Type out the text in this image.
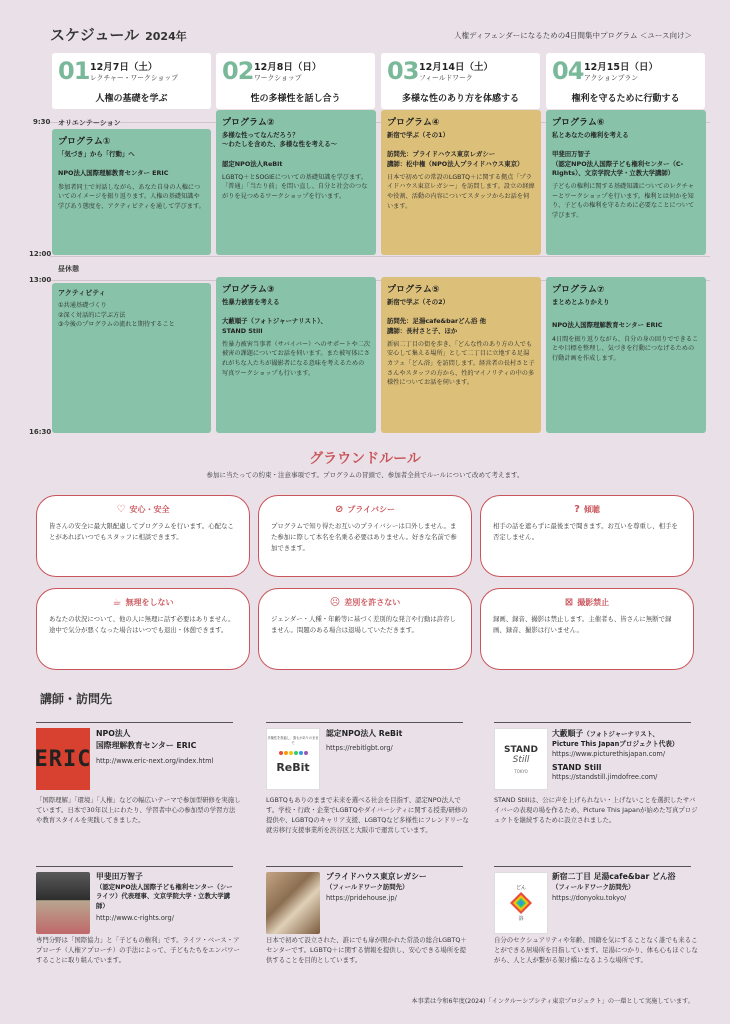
スケジュール 2024年	人権ディフェンダーになるための4日間集中プログラム ＜ユース向け＞
01 12月7日（土）
レクチャー・ワークショップ
人権の基礎を学ぶ
02 12月8日（日）
ワークショップ
性の多様性を話し合う
03 12月14日（土）
フィールドワーク
多様な性のあり方を体感する
04 12月15日（日）
アクションプラン
権利を守るために行動する
9:30 オリエンテーション
12:00
昼休憩
13:00
16:30
プログラム①
「気づき」から「行動」へ
NPO法人国際理解教育センター ERIC
参加者同士で対話しながら、あなた自身の人権についてのイメージを振り返ります。人権の基礎知識や学びあう態度を、アクティビティを通して学びます。
プログラム②
多様な性ってなんだろう？
〜わたしを含めた、多様な性を考える〜
認定NPO法人ReBit
LGBTQ＋とSOGIEについての基礎知識を学びます。「普通」「当たり前」を問い直し、自分と社会のつながりを見つめるワークショップを行います。
プログラム④
新宿で学ぶ（その1）
訪問先：プライドハウス東京レガシー
講師：松中権（NPO法人プライドハウス東京）
日本で初めての常設のLGBTQ＋に関する拠点「プライドハウス東京レガシー」を訪問します。設立の経緯や役割、活動の内容についてスタッフからお話を伺います。
プログラム⑥
私とあなたの権利を考える
甲斐田万智子
（認定NPO法人国際子ども権利センター（C-Rights）、文京学院大学・立教大学講師）
子どもの権利に関する基礎知識についてのレクチャーとワークショップを行います。権利とは何かを知り、子どもの権利を守るために必要なことについて学びます。
アクティビティ
①共通基礎づくり
②深く対話的に学ぶ方法
③今後のプログラムの流れと期待すること
プログラム③
性暴力被害を考える
大藪順子（フォトジャーナリスト）、
STAND Still
性暴力被害当事者（サバイバー）へのサポートや二次被害の課題についてお話を伺います。また被写体にされがちな人たちが撮影者になる意味を考えるための写真ワークショップも行います。
プログラム⑤
新宿で学ぶ（その2）
訪問先：足湯cafe&barどん浴 他
講師：長村さと子、ほか
新宿二丁目の街を歩き、「どんな性のあり方の人でも安心して集える場所」として二丁目に立地する足湯カフェ「どん浴」を訪問します。経営者の長村さと子さんやスタッフの方から、性的マイノリティの中の多様性についてお話を伺います。
プログラム⑦
まとめとふりかえり
NPO法人国際理解教育センター ERIC
4日間を振り返りながら、自分の身の回りでできることや目標を整理し、気づきを行動につなげるための行動計画を作成します。
グラウンドルール
参加に当たっての約束・注意事項です。プログラムの冒頭で、参加者全員でルールについて改めて考えます。
♡ 安心・安全
皆さんの安全に最大限配慮してプログラムを行います。心配なことがあればいつでもスタッフに相談できます。
⊘ プライバシー
プログラムで知り得たお互いのプライバシーは口外しません。また参加に際して本名を名乗る必要はありません。好きな名前で参加できます。
? 傾聴
相手の話を遮らずに最後まで聞きます。お互いを尊重し、相手を否定しません。
☕ 無理をしない
あなたの状況について、他の人に無理に話す必要はありません。途中で気分が悪くなった場合はいつでも退出・休憩できます。
☹ 差別を許さない
ジェンダー・人種・年齢等に基づく差別的な発言や行動は許容しません。問題のある場合は退場していただきます。
⊠ 撮影禁止
録画、録音、撮影は禁止します。主催者も、皆さんに無断で録画、録音、撮影は行いません。
講師・訪問先
ERIC
NPO法人
国際理解教育センター ERIC
http://www.eric-next.org/index.html
「国際理解」「環境」「人権」などの幅広いテーマで参加型研修を実施しています。日本で30年以上にわたり、学習者中心の参加型の学習方法や教育スタイルを実践してきました。
多様性を祝福し、誰もがありのままで
ReBit
認定NPO法人 ReBit
https://rebitlgbt.org/
LGBTQもありのままで未来を選べる社会を目指す、認定NPO法人です。学校・行政・企業でLGBTQやダイバーシティに関する授業/研修の提供や、LGBTQのキャリア支援、LGBTQなど多様性にフレンドリーな就労移行支援事業所を渋谷区と大阪市で運営しています。
STAND
Still
TOKYO
大藪順子（フォトジャーナリスト、
Picture This Japanプロジェクト代表）
https://www.picturethisjapan.com/
STAND Still
https://standstill.jimdofree.com/
STAND Stillは、公に声を上げられない・上げないことを選択したサバイバーの表現の場を作るため、Picture This Japanが始めた写真プロジェクトを継続するために設立されました。
甲斐田万智子
（認定NPO法人国際子ども権利センター（シーライツ）代表理事、文京学院大学・立教大学講師）
http://www.c-rights.org/
専門分野は「国際協力」と「子どもの権利」です。ライツ・ベース・アプローチ（人権アプローチ）の手法によって、子どもたちをエンパワーすることに取り組んでいます。
プライドハウス東京レガシー
（フィールドワーク訪問先）
https://pridehouse.jp/
日本で初めて設立された、誰にでも扉が開かれた常設の総合LGBTQ＋センターです。LGBTQ＋に関する情報を提供し、安心できる場所を提供することを目的としています。
どん
浴
新宿二丁目 足湯cafe&bar どん浴
（フィールドワーク訪問先）
https://donyoku.tokyo/
自分のセクシュアリティや年齢、国籍を気にすることなく誰でも来ることができる居場所を目指しています。足湯につかり、体も心もほぐしながら、人と人が繋がる架け橋になるような場所です。
本事業は令和6年度(2024)「インクルーシブシティ東京プロジェクト」の一環として実施しています。
